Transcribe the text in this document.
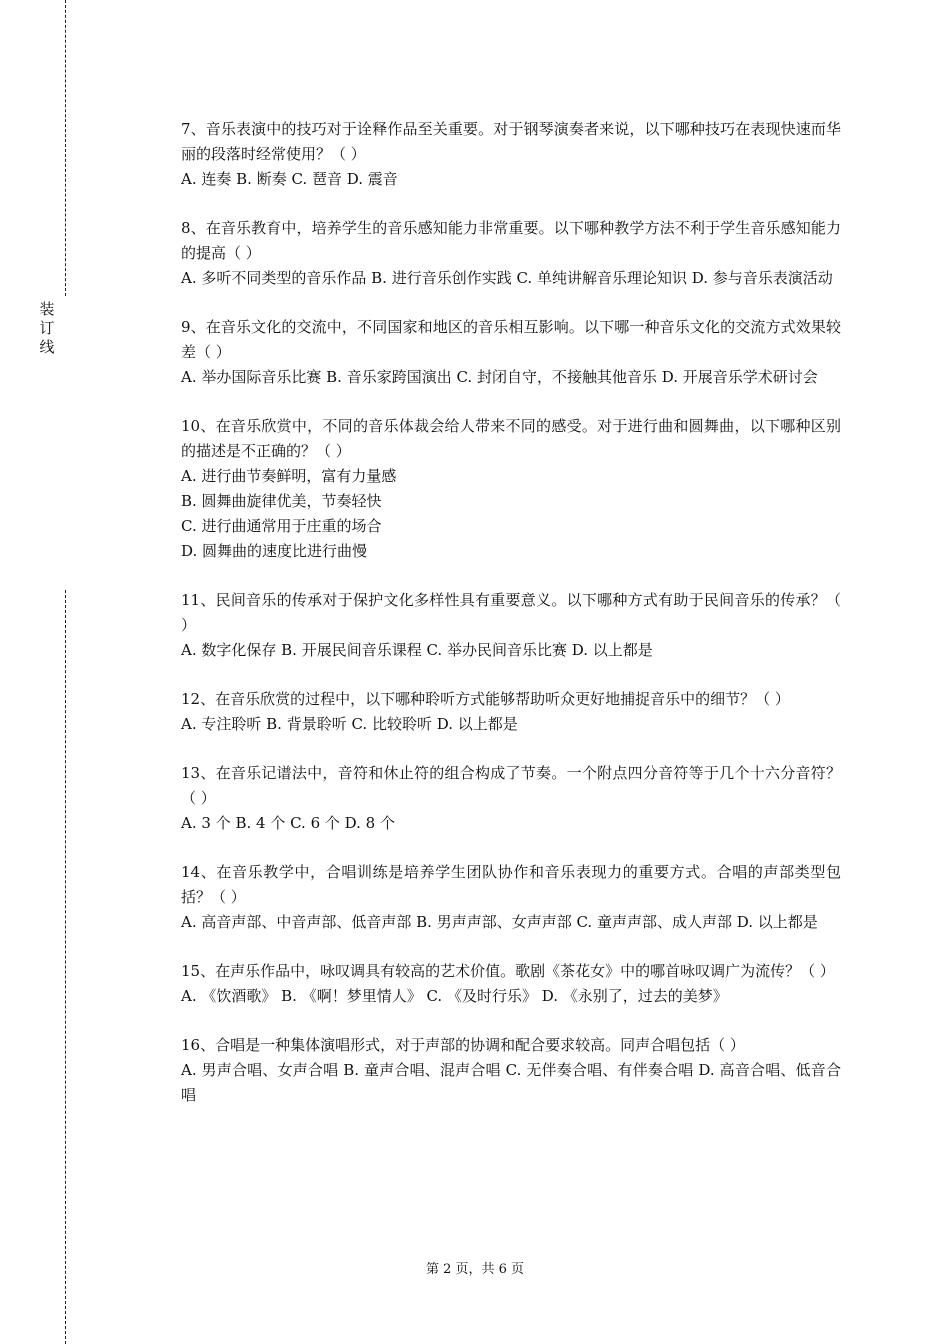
装
订
线

7、音乐表演中的技巧对于诠释作品至关重要。对于钢琴演奏者来说，以下哪种技巧在表现快速而华丽的段落时经常使用？（ ）

A. 连奏 B. 断奏 C. 琶音 D. 震音

8、在音乐教育中，培养学生的音乐感知能力非常重要。以下哪种教学方法不利于学生音乐感知能力的提高（ ）

A. 多听不同类型的音乐作品 B. 进行音乐创作实践 C. 单纯讲解音乐理论知识 D. 参与音乐表演活动

9、在音乐文化的交流中，不同国家和地区的音乐相互影响。以下哪一种音乐文化的交流方式效果较差（ ）

A. 举办国际音乐比赛 B. 音乐家跨国演出 C. 封闭自守，不接触其他音乐 D. 开展音乐学术研讨会

10、在音乐欣赏中，不同的音乐体裁会给人带来不同的感受。对于进行曲和圆舞曲，以下哪种区别的描述是不正确的？（ ）

A. 进行曲节奏鲜明，富有力量感

B. 圆舞曲旋律优美，节奏轻快

C. 进行曲通常用于庄重的场合

D. 圆舞曲的速度比进行曲慢

11、民间音乐的传承对于保护文化多样性具有重要意义。以下哪种方式有助于民间音乐的传承？（ ）

A. 数字化保存 B. 开展民间音乐课程 C. 举办民间音乐比赛 D. 以上都是

12、在音乐欣赏的过程中，以下哪种聆听方式能够帮助听众更好地捕捉音乐中的细节？（ ）

A. 专注聆听 B. 背景聆听 C. 比较聆听 D. 以上都是

13、在音乐记谱法中，音符和休止符的组合构成了节奏。一个附点四分音符等于几个十六分音符？（ ）

A. 3 个 B. 4 个 C. 6 个 D. 8 个

14、在音乐教学中，合唱训练是培养学生团队协作和音乐表现力的重要方式。合唱的声部类型包括？（ ）

A. 高音声部、中音声部、低音声部 B. 男声声部、女声声部 C. 童声声部、成人声部 D. 以上都是

15、在声乐作品中，咏叹调具有较高的艺术价值。歌剧《茶花女》中的哪首咏叹调广为流传？（ ）

A. 《饮酒歌》 B. 《啊！梦里情人》 C. 《及时行乐》 D. 《永别了，过去的美梦》

16、合唱是一种集体演唱形式，对于声部的协调和配合要求较高。同声合唱包括（ ）

A. 男声合唱、女声合唱 B. 童声合唱、混声合唱 C. 无伴奏合唱、有伴奏合唱 D. 高音合唱、低音合唱

第 2 页，共 6 页
